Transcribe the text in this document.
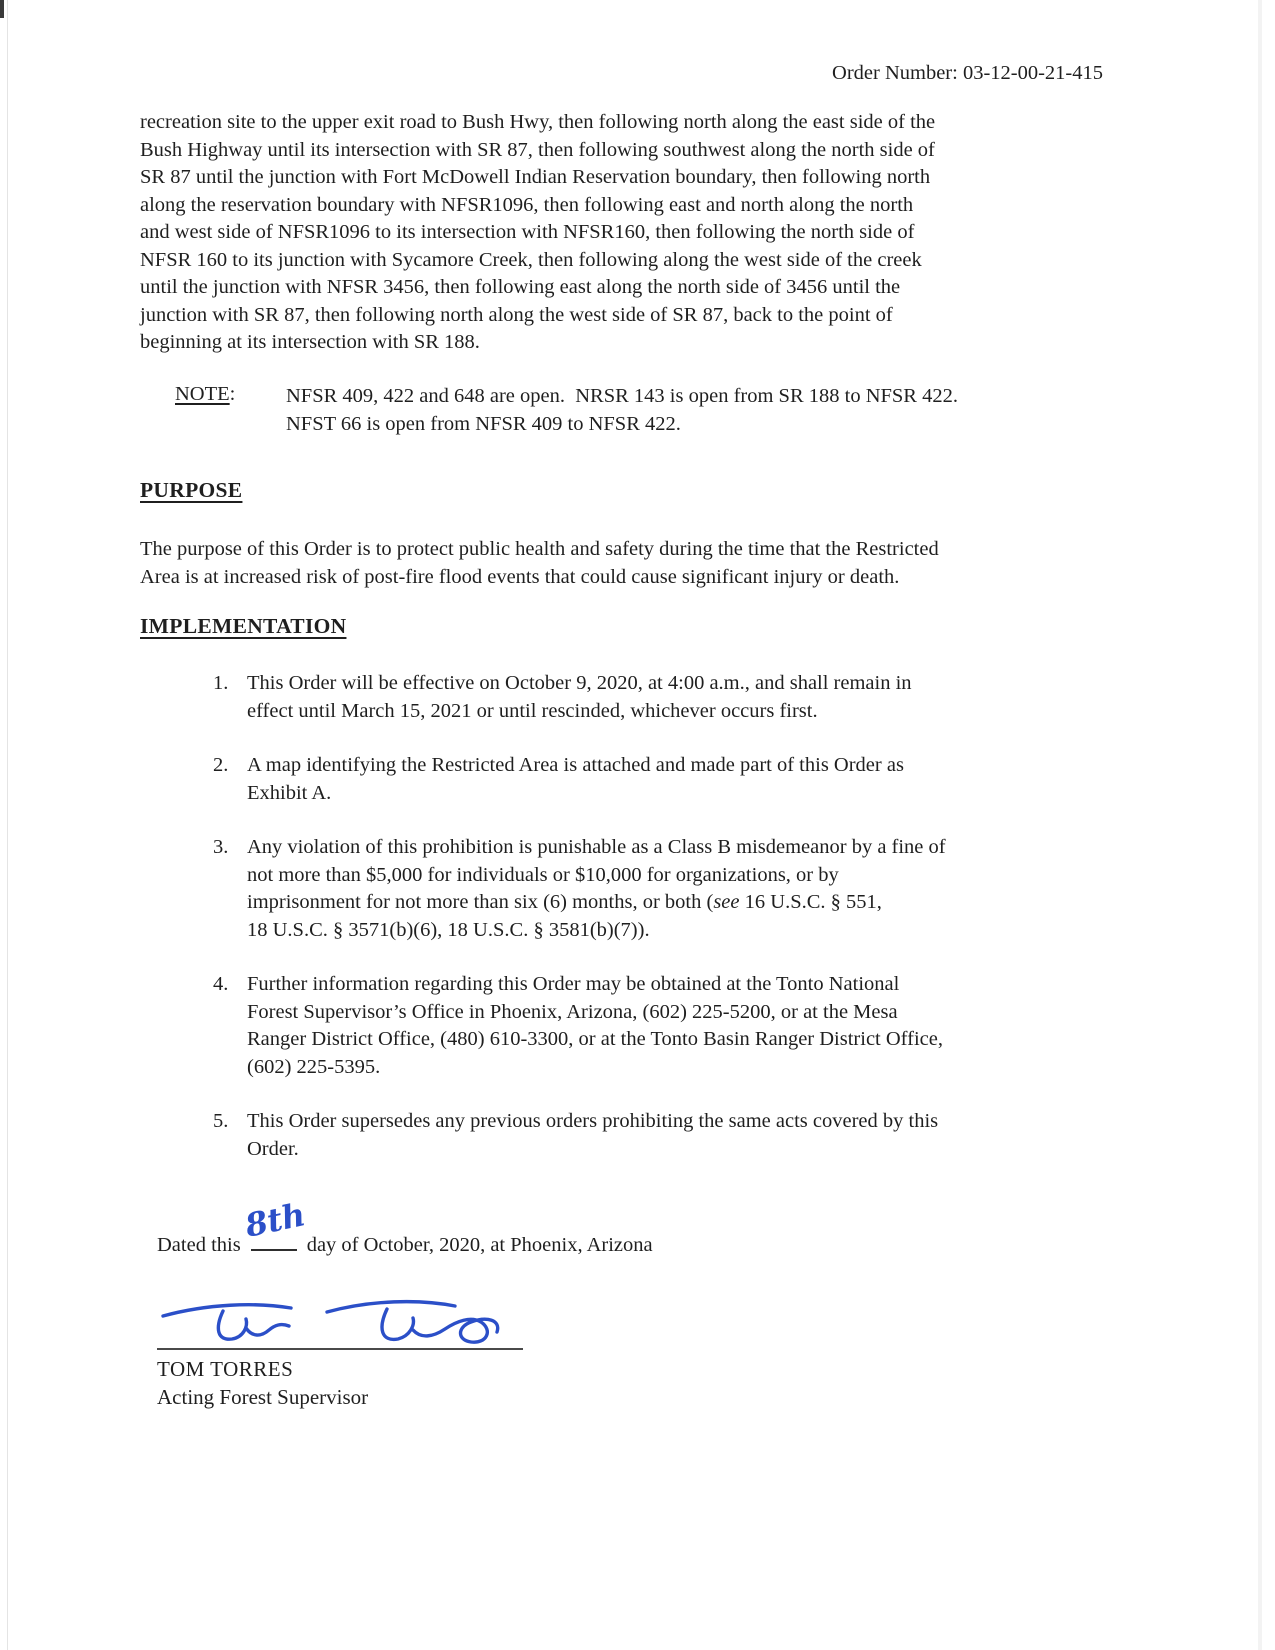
Order Number: 03-12-00-21-415
recreation site to the upper exit road to Bush Hwy, then following north along the east side of the
Bush Highway until its intersection with SR 87, then following southwest along the north side of
SR 87 until the junction with Fort McDowell Indian Reservation boundary, then following north
along the reservation boundary with NFSR1096, then following east and north along the north
and west side of NFSR1096 to its intersection with NFSR160, then following the north side of
NFSR 160 to its junction with Sycamore Creek, then following along the west side of the creek
until the junction with NFSR 3456, then following east along the north side of 3456 until the
junction with SR 87, then following north along the west side of SR 87, back to the point of
beginning at its intersection with SR 188.
NOTE:	NFSR 409, 422 and 648 are open.  NRSR 143 is open from SR 188 to NFSR 422.
NFST 66 is open from NFSR 409 to NFSR 422.
PURPOSE
The purpose of this Order is to protect public health and safety during the time that the Restricted
Area is at increased risk of post-fire flood events that could cause significant injury or death.
IMPLEMENTATION
1. This Order will be effective on October 9, 2020, at 4:00 a.m., and shall remain in
effect until March 15, 2021 or until rescinded, whichever occurs first.
2. A map identifying the Restricted Area is attached and made part of this Order as
Exhibit A.
3. Any violation of this prohibition is punishable as a Class B misdemeanor by a fine of
not more than $5,000 for individuals or $10,000 for organizations, or by
imprisonment for not more than six (6) months, or both (see 16 U.S.C. § 551,
18 U.S.C. § 3571(b)(6), 18 U.S.C. § 3581(b)(7)).
4. Further information regarding this Order may be obtained at the Tonto National
Forest Supervisor’s Office in Phoenix, Arizona, (602) 225-5200, or at the Mesa
Ranger District Office, (480) 610-3300, or at the Tonto Basin Ranger District Office,
(602) 225-5395.
5. This Order supersedes any previous orders prohibiting the same acts covered by this
Order.
Dated this
8th
day of October, 2020, at Phoenix, Arizona
TOM TORRES
Acting Forest Supervisor
